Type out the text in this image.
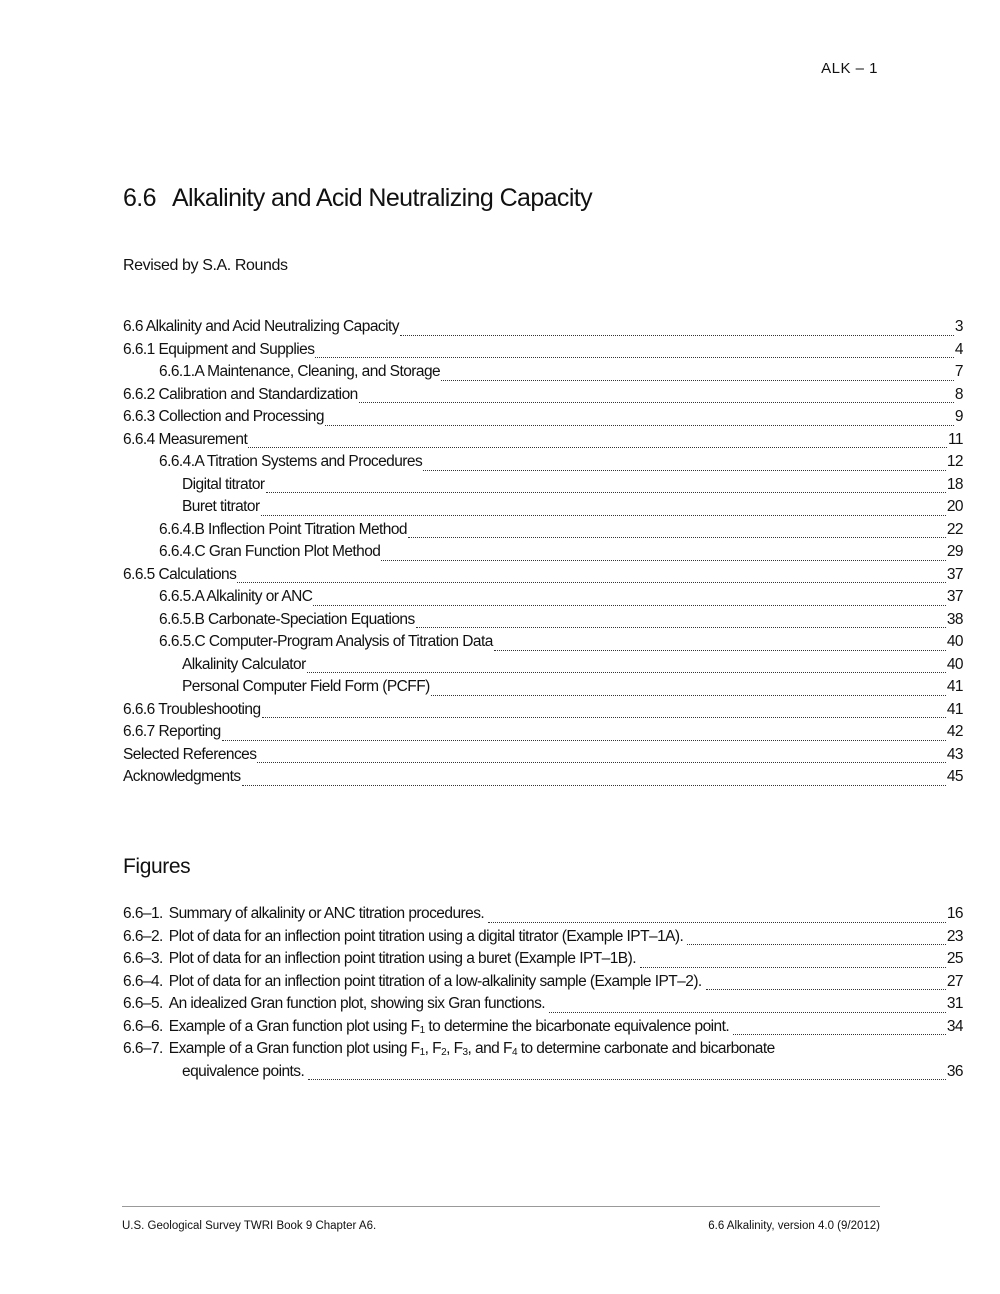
ALK – 1
6.6 Alkalinity and Acid Neutralizing Capacity
Revised by S.A. Rounds
6.6 Alkalinity and Acid Neutralizing Capacity	3
6.6.1 Equipment and Supplies	4
6.6.1.A Maintenance, Cleaning, and Storage	7
6.6.2 Calibration and Standardization	8
6.6.3 Collection and Processing	9
6.6.4 Measurement	11
6.6.4.A Titration Systems and Procedures	12
Digital titrator	18
Buret titrator	20
6.6.4.B Inflection Point Titration Method	22
6.6.4.C Gran Function Plot Method	29
6.6.5 Calculations	37
6.6.5.A Alkalinity or ANC	37
6.6.5.B Carbonate-Speciation Equations	38
6.6.5.C Computer-Program Analysis of Titration Data	40
Alkalinity Calculator	40
Personal Computer Field Form (PCFF)	41
6.6.6 Troubleshooting	41
6.6.7 Reporting	42
Selected References	43
Acknowledgments	45
Figures
6.6–1. Summary of alkalinity or ANC titration procedures.	16
6.6–2. Plot of data for an inflection point titration using a digital titrator (Example IPT–1A).	23
6.6–3. Plot of data for an inflection point titration using a buret (Example IPT–1B).	25
6.6–4. Plot of data for an inflection point titration of a low-alkalinity sample (Example IPT–2).	27
6.6–5. An idealized Gran function plot, showing six Gran functions.	31
6.6–6. Example of a Gran function plot using $F_1$ to determine the bicarbonate equivalence point.	34
6.6–7. Example of a Gran function plot using $F_1$, $F_2$, $F_3$, and $F_4$ to determine carbonate and bicarbonate
equivalence points.	36
U.S. Geological Survey TWRI Book 9 Chapter A6.	6.6 Alkalinity, version 4.0 (9/2012)
